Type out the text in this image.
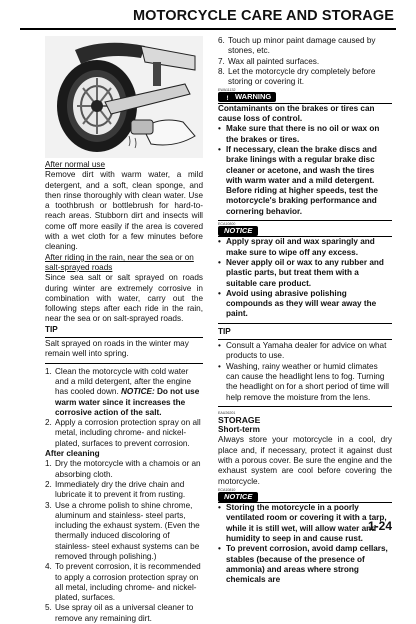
MOTORCYCLE CARE AND STORAGE
After normal use
Remove dirt with warm water, a mild detergent, and a soft, clean sponge, and then rinse thoroughly with clean water. Use a toothbrush or bottlebrush for hard-to-reach areas. Stubborn dirt and insects will come off more easily if the area is covered with a wet cloth for a few minutes before cleaning.
After riding in the rain, near the sea or on salt-sprayed roads
Since sea salt or salt sprayed on roads during winter are extremely corrosive in combination with water, carry out the following steps after each ride in the rain, near the sea or on salt-sprayed roads.
TIP
Salt sprayed on roads in the winter may remain well into spring.
1. Clean the motorcycle with cold water and a mild detergent, after the engine has cooled down. NOTICE: Do not use warm water since it increases the corrosive action of the salt.
2. Apply a corrosion protection spray on all metal, including chrome- and nickel-plated, surfaces to prevent corrosion.
After cleaning
1. Dry the motorcycle with a chamois or an absorbing cloth.
2. Immediately dry the drive chain and lubricate it to prevent it from rusting.
3. Use a chrome polish to shine chrome, aluminum and stainless- steel parts, including the exhaust system. (Even the thermally induced discoloring of stainless- steel exhaust systems can be removed through polishing.)
4. To prevent corrosion, it is recommended to apply a corrosion protection spray on all metal, including chrome- and nickel-plated, surfaces.
5. Use spray oil as a universal cleaner to remove any remaining dirt.
6. Touch up minor paint damage caused by stones, etc.
7. Wax all painted surfaces.
8. Let the motorcycle dry completely before storing or covering it.
EWA11132
!WARNING
Contaminants on the brakes or tires can cause loss of control.
• Make sure that there is no oil or wax on the brakes or tires.
• If necessary, clean the brake discs and brake linings with a regular brake disc cleaner or acetone, and wash the tires with warm water and a mild detergent. Before riding at higher speeds, test the motorcycle's braking performance and cornering behavior.
ECA10800
NOTICE
• Apply spray oil and wax sparingly and make sure to wipe off any excess.
• Never apply oil or wax to any rubber and plastic parts, but treat them with a suitable care product.
• Avoid using abrasive polishing compounds as they will wear away the paint.
TIP
• Consult a Yamaha dealer for advice on what products to use.
• Washing, rainy weather or humid climates can cause the headlight lens to fog. Turning the headlight on for a short period of time will help remove the moisture from the lens.
EAU26201
STORAGE
Short-term
Always store your motorcycle in a cool, dry place and, if necessary, protect it against dust with a porous cover. Be sure the engine and the exhaust system are cool before covering the motorcycle.
ECA10810
NOTICE
• Storing the motorcycle in a poorly ventilated room or covering it with a tarp, while it is still wet, will allow water and humidity to seep in and cause rust.
• To prevent corrosion, avoid damp cellars, stables (because of the presence of ammonia) and areas where strong chemicals are
1-24
